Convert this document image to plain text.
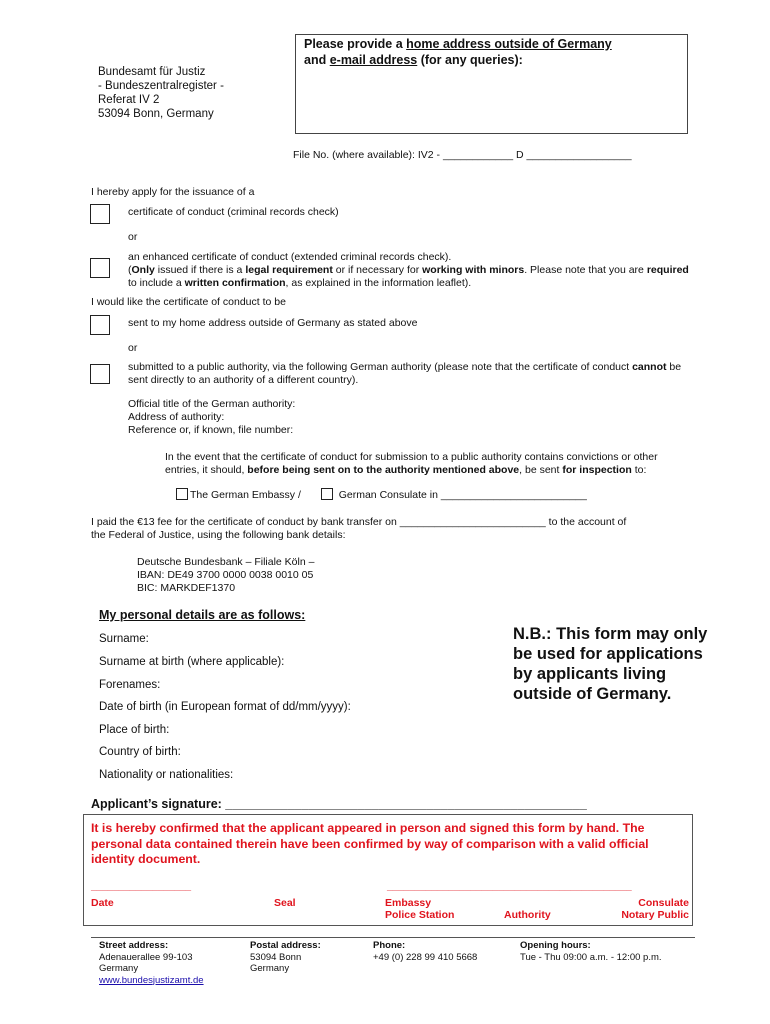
Bundesamt für Justiz
- Bundeszentralregister -
Referat IV 2
53094 Bonn, Germany
Please provide a home address outside of Germany
and e-mail address (for any queries):
File No. (where available): IV2 - ____________ D __________________
I hereby apply for the issuance of a
certificate of conduct (criminal records check)
or
an enhanced certificate of conduct (extended criminal records check).
(Only issued if there is a legal requirement or if necessary for working with minors. Please note that you are required to include a written confirmation, as explained in the information leaflet).
I would like the certificate of conduct to be
sent to my home address outside of Germany as stated above
or
submitted to a public authority, via the following German authority (please note that the certificate of conduct cannot be sent directly to an authority of a different country).
Official title of the German authority:
Address of authority:
Reference or, if known, file number:
In the event that the certificate of conduct for submission to a public authority contains convictions or other entries, it should, before being sent on to the authority mentioned above, be sent for inspection to:
The German Embassy /	German Consulate in _________________________
I paid the €13 fee for the certificate of conduct by bank transfer on _________________________ to the account of
the Federal of Justice, using the following bank details:
Deutsche Bundesbank – Filiale Köln –
IBAN: DE49 3700 0000 0038 0010 05
BIC: MARKDEF1370
My personal details are as follows:
Surname:
Surname at birth (where applicable):
Forenames:
Date of birth (in European format of dd/mm/yyyy):
Place of birth:
Country of birth:
Nationality or nationalities:
N.B.: This form may only
be used for applications
by applicants living
outside of Germany.
Applicant’s signature: ____________________________________________________
It is hereby confirmed that the applicant appeared in person and signed this form by hand. The personal data contained therein have been confirmed by way of comparison with a valid official identity document.
__________________
Date	Seal
____________________________________________
Embassy
Police Station	Authority
Consulate
Notary Public
Street address:
Adenauerallee 99-103
Germany
www.bundesjustizamt.de
Postal address:
53094 Bonn
Germany
Phone:
+49 (0) 228 99 410 5668
Opening hours:
Tue - Thu 09:00 a.m. - 12:00 p.m.
